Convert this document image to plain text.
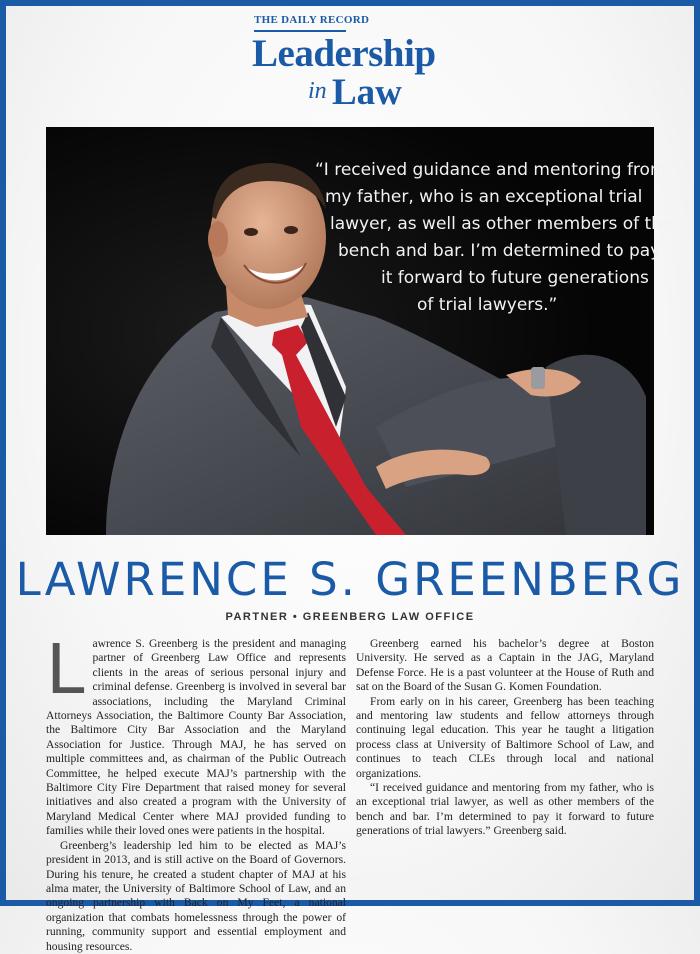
THE DAILY RECORD
Leadership
in Law

“I received guidance and mentoring from
my father, who is an exceptional trial
lawyer, as well as other members of the
bench and bar. I’m determined to pay
it forward to future generations
of trial lawyers.”

LAWRENCE S. GREENBERG

PARTNER • GREENBERG LAW OFFICE

L awrence S. Greenberg is the president and managing partner of Greenberg Law Office and represents clients in the areas of serious personal injury and criminal defense. Greenberg is involved in several bar associations, including the Maryland Criminal Attorneys Association, the Baltimore County Bar Association, the Baltimore City Bar Association and the Maryland Association for Justice. Through MAJ, he has served on multiple committees and, as chairman of the Public Outreach Committee, he helped execute MAJ’s partnership with the Baltimore City Fire Department that raised money for several initiatives and also created a program with the University of Maryland Medical Center where MAJ provided funding to families while their loved ones were patients in the hospital.

Greenberg’s leadership led him to be elected as MAJ’s president in 2013, and is still active on the Board of Governors. During his tenure, he created a student chapter of MAJ at his alma mater, the University of Baltimore School of Law, and an ongoing partnership with Back on My Feet, a national organization that combats homelessness through the power of running, community support and essential employment and housing resources.

Greenberg earned his bachelor’s degree at Boston University. He served as a Captain in the JAG, Maryland Defense Force. He is a past volunteer at the House of Ruth and sat on the Board of the Susan G. Komen Foundation.

From early on in his career, Greenberg has been teaching and mentoring law students and fellow attorneys through continuing legal education. This year he taught a litigation process class at University of Baltimore School of Law, and continues to teach CLEs through local and national organizations.

“I received guidance and mentoring from my father, who is an exceptional trial lawyer, as well as other members of the bench and bar. I’m determined to pay it forward to future generations of trial lawyers.” Greenberg said.
